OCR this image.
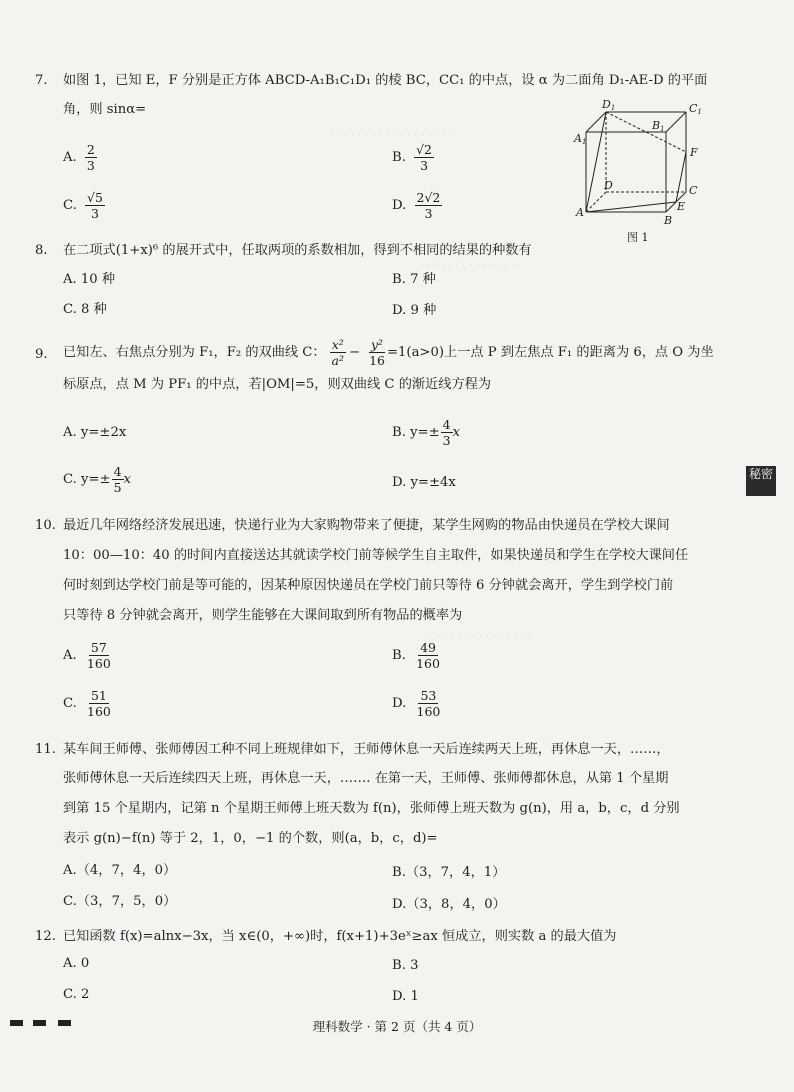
· · · · · · · · · · · · · · · · · ·
· · · · · · · · · · · · · ·
· · · · · · · · · · · · · · ·
7. 如图 1，已知 E，F 分别是正方体 ABCD-A₁B₁C₁D₁ 的棱 BC，CC₁ 的中点，设 α 为二面角 D₁-AE-D 的平面
角，则 sinα=
A. $\frac{2}{3}$	B. $\frac{√2}{3}$
C. $\frac{√5}{3}$	D. $\frac{2√2}{3}$
D1	C1
A1
B1
F
D	C
A
B
E
图 1
8. 在二项式(1+x)⁶ 的展开式中，任取两项的系数相加，得到不相同的结果的种数有
A. 10 种	B. 7 种
C. 8 种	D. 9 种
9. 已知左、右焦点分别为 F₁，F₂ 的双曲线 C： $\frac{\text{x²}}{\text{a²}} - \frac{\text{y²}}{16} =1(a>0)$上一点 P 到左焦点 F₁ 的距离为 6，点 O 为坐
标原点，点 M 为 PF₁ 的中点，若|OM|=5，则双曲线 C 的渐近线方程为
A. y=±2x	B. $y=\pm \frac{4}{3}$ x
C. $y=\pm \frac{4}{5}$ x	D. y=±4x
秘密
10. 最近几年网络经济发展迅速，快递行业为大家购物带来了便捷，某学生网购的物品由快递员在学校大课间
10：00—10：40 的时间内直接送达其就读学校门前等候学生自主取件，如果快递员和学生在学校大课间任
何时刻到达学校门前是等可能的，因某种原因快递员在学校门前只等待 6 分钟就会离开，学生到学校门前
只等待 8 分钟就会离开，则学生能够在大课间取到所有物品的概率为
A. $\frac{57}{160}$	B. $\frac{49}{160}$
C. $\frac{51}{160}$	D. $\frac{53}{160}$
11. 某车间王师傅、张师傅因工种不同上班规律如下，王师傅休息一天后连续两天上班，再休息一天，……，
张师傅休息一天后连续四天上班，再休息一天，……. 在第一天，王师傅、张师傅都休息，从第 1 个星期
到第 15 个星期内，记第 n 个星期王师傅上班天数为 f(n)，张师傅上班天数为 g(n)，用 a，b，c，d 分别
表示 g(n)−f(n) 等于 2，1，0，−1 的个数，则(a，b，c，d)=
A.（4，7，4，0）	B.（3，7，4，1）
C.（3，7，5，0）	D.（3，8，4，0）
12. 已知函数 f(x)=alnx−3x，当 x∈(0，+∞)时，f(x+1)+3eˣ≥ax 恒成立，则实数 a 的最大值为
A. 0	B. 3
C. 2	D. 1
理科数学 · 第 2 页（共 4 页）
